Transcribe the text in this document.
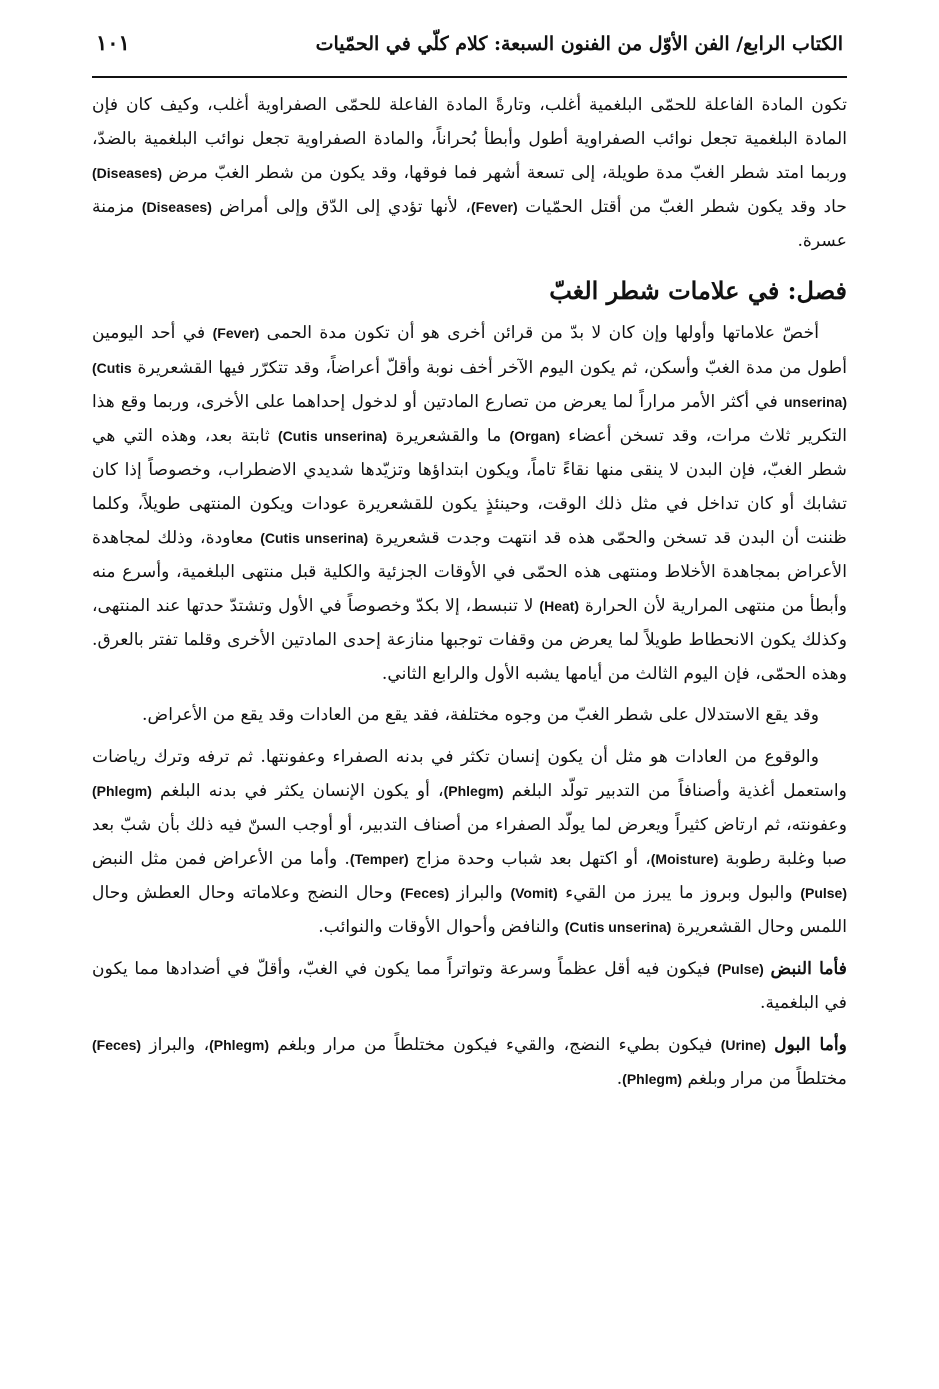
الكتاب الرابع/ الفن الأوّل من الفنون السبعة: كلام كلّي في الحمّيات
١٠١

تكون المادة الفاعلة للحمّى البلغمية أغلب، وتارةً المادة الفاعلة للحمّى الصفراوية أغلب، وكيف كان فإن المادة البلغمية تجعل نوائب الصفراوية أطول وأبطأ بُحراناً، والمادة الصفراوية تجعل نوائب البلغمية بالضدّ، وربما امتد شطر الغبّ مدة طويلة، إلى تسعة أشهر فما فوقها، وقد يكون من شطر الغبّ مرض (Diseases) حاد وقد يكون شطر الغبّ من أقتل الحمّيات (Fever)، لأنها تؤدي إلى الدّق وإلى أمراض (Diseases) مزمنة عسرة.

فصل: في علامات شطر الغبّ

أخصّ علاماتها وأولها وإن كان لا بدّ من قرائن أخرى هو أن تكون مدة الحمى (Fever) في أحد اليومين أطول من مدة الغبّ وأسكن، ثم يكون اليوم الآخر أخف نوبة وأقلّ أعراضاً، وقد تتكرّر فيها القشعريرة (Cutis unserina) في أكثر الأمر مراراً لما يعرض من تصارع المادتين أو لدخول إحداهما على الأخرى، وربما وقع هذا التكرير ثلاث مرات، وقد تسخن أعضاء (Organ) ما والقشعريرة (Cutis unserina) ثابتة بعد، وهذه التي هي شطر الغبّ، فإن البدن لا ينقى منها نقاءً تاماً، ويكون ابتداؤها وتزيّدها شديدي الاضطراب، وخصوصاً إذا كان تشابك أو كان تداخل في مثل ذلك الوقت، وحينئذٍ يكون للقشعريرة عودات ويكون المنتهى طويلاً، وكلما ظننت أن البدن قد تسخن والحمّى هذه قد انتهت وجدت قشعريرة (Cutis unserina) معاودة، وذلك لمجاهدة الأعراض بمجاهدة الأخلاط ومنتهى هذه الحمّى في الأوقات الجزئية والكلية قبل منتهى البلغمية، وأسرع منه وأبطأ من منتهى المرارية لأن الحرارة (Heat) لا تنبسط، إلا بكدّ وخصوصاً في الأول وتشتدّ حدتها عند المنتهى، وكذلك يكون الانحطاط طويلاً لما يعرض من وقفات توجبها منازعة إحدى المادتين الأخرى وقلما تفتر بالعرق. وهذه الحمّى، فإن اليوم الثالث من أيامها يشبه الأول والرابع الثاني.

وقد يقع الاستدلال على شطر الغبّ من وجوه مختلفة، فقد يقع من العادات وقد يقع من الأعراض.

والوقوع من العادات هو مثل أن يكون إنسان تكثر في بدنه الصفراء وعفونتها. ثم ترفه وترك رياضات واستعمل أغذية وأصنافاً من التدبير تولّد البلغم (Phlegm)، أو يكون الإنسان يكثر في بدنه البلغم (Phlegm) وعفونته، ثم ارتاض كثيراً ويعرض لما يولّد الصفراء من أصناف التدبير، أو أوجب السنّ فيه ذلك بأن شبّ بعد صبا وغلبة رطوبة (Moisture)، أو اكتهل بعد شباب وحدة مزاج (Temper). وأما من الأعراض فمن مثل النبض (Pulse) والبول وبروز ما يبرز من القيء (Vomit) والبراز (Feces) وحال النضج وعلاماته وحال العطش وحال اللمس وحال القشعريرة (Cutis unserina) والنافض وأحوال الأوقات والنوائب.

فأما النبض (Pulse) فيكون فيه أقل عظماً وسرعة وتواتراً مما يكون في الغبّ، وأقلّ في أضدادها مما يكون في البلغمية.

وأما البول (Urine) فيكون بطيء النضج، والقيء فيكون مختلطاً من مرار وبلغم (Phlegm)، والبراز (Feces) مختلطاً من مرار وبلغم (Phlegm).
